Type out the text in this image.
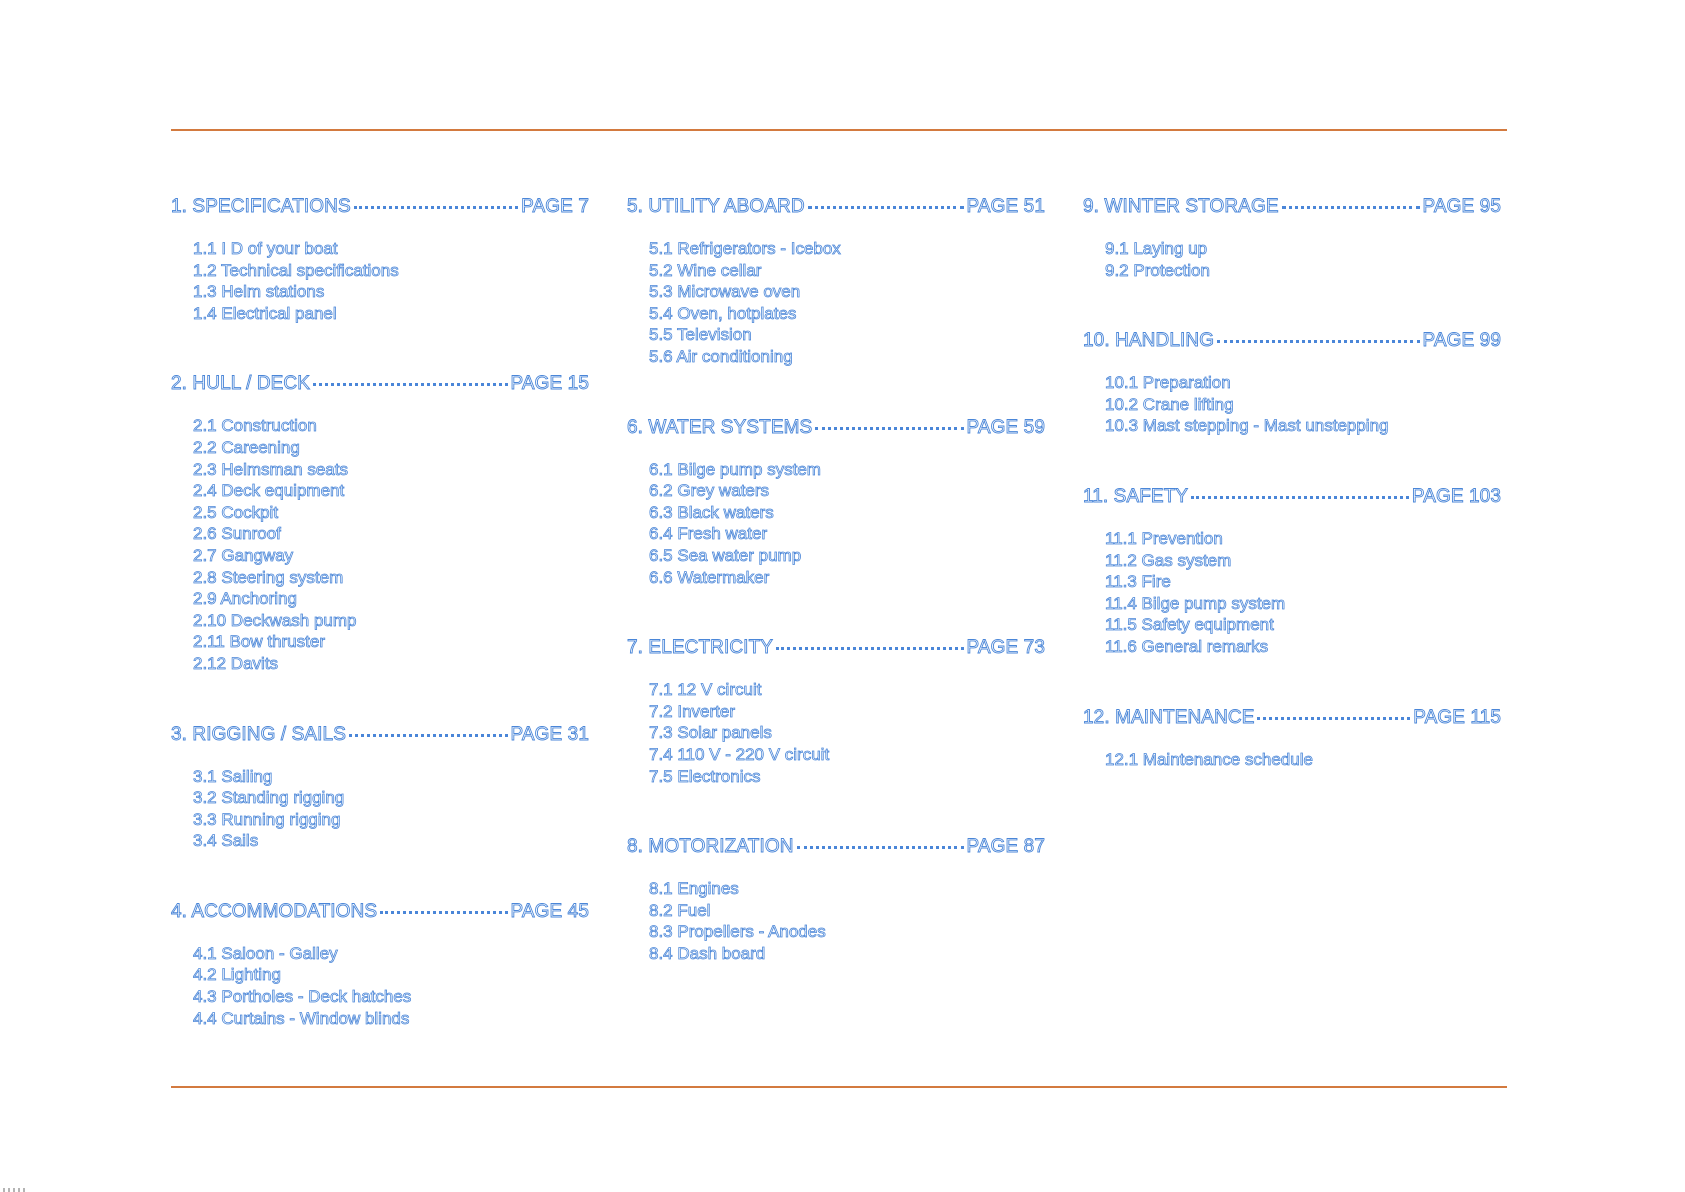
1. SPECIFICATIONS	PAGE 7
1.1 I D of your boat
1.2 Technical specifications
1.3 Helm stations
1.4 Electrical panel
2. HULL / DECK	PAGE 15
2.1 Construction
2.2 Careening
2.3 Helmsman seats
2.4 Deck equipment
2.5 Cockpit
2.6 Sunroof
2.7 Gangway
2.8 Steering system
2.9 Anchoring
2.10 Deckwash pump
2.11 Bow thruster
2.12 Davits
3. RIGGING / SAILS	PAGE 31
3.1 Sailing
3.2 Standing rigging
3.3 Running rigging
3.4 Sails
4. ACCOMMODATIONS	PAGE 45
4.1 Saloon - Galley
4.2 Lighting
4.3 Portholes - Deck hatches
4.4 Curtains - Window blinds
5. UTILITY ABOARD	PAGE 51
5.1 Refrigerators - Icebox
5.2 Wine cellar
5.3 Microwave oven
5.4 Oven, hotplates
5.5 Television
5.6 Air conditioning
6. WATER SYSTEMS	PAGE 59
6.1 Bilge pump system
6.2 Grey waters
6.3 Black waters
6.4 Fresh water
6.5 Sea water pump
6.6 Watermaker
7. ELECTRICITY	PAGE 73
7.1 12 V circuit
7.2 Inverter
7.3 Solar panels
7.4 110 V - 220 V circuit
7.5 Electronics
8. MOTORIZATION	PAGE 87
8.1 Engines
8.2 Fuel
8.3 Propellers - Anodes
8.4 Dash board
9. WINTER STORAGE	PAGE 95
9.1 Laying up
9.2 Protection
10. HANDLING	PAGE 99
10.1 Preparation
10.2 Crane lifting
10.3 Mast stepping - Mast unstepping
11. SAFETY	PAGE 103
11.1 Prevention
11.2 Gas system
11.3 Fire
11.4 Bilge pump system
11.5 Safety equipment
11.6 General remarks
12. MAINTENANCE	PAGE 115
12.1 Maintenance schedule
